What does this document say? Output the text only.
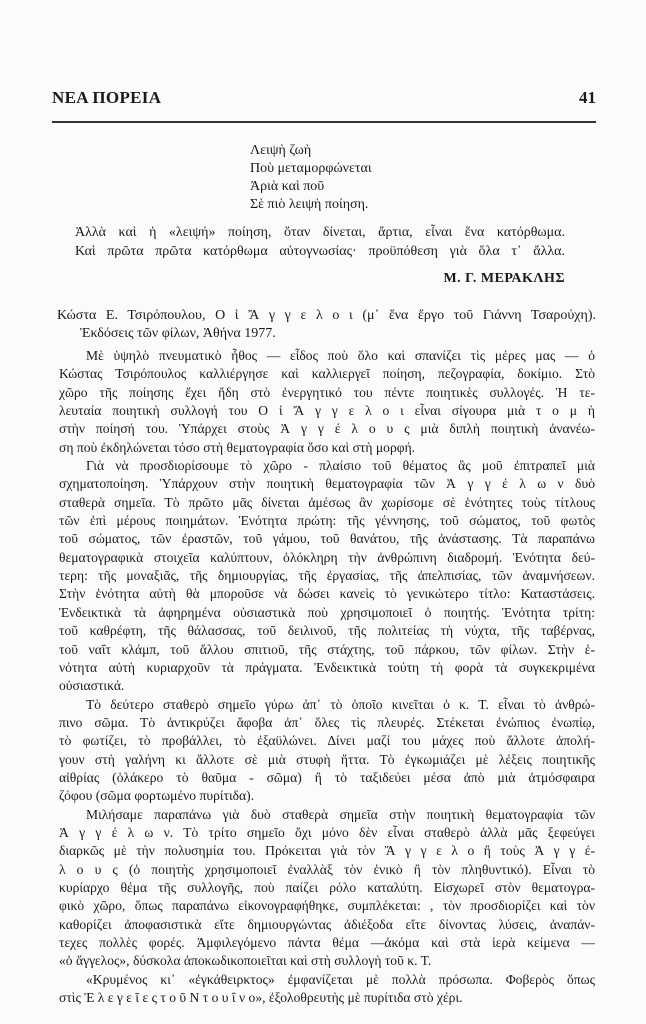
ΝΕΑ ΠΟΡΕΙΑ	41
Λειψὴ ζωὴ
Ποὺ μεταμορφώνεται
Ἀριὰ καὶ ποῦ
Σὲ πιὸ λειψὴ ποίηση.
Ἀλλὰ καὶ ἡ «λειψή» ποίηση, ὅταν δίνεται, ἄρτια, εἶναι ἕνα κατόρθωμα.
Καὶ πρῶτα πρῶτα κατόρθωμα αὐτογνωσίας· προϋπόθεση γιὰ ὅλα τ᾽ ἄλλα.
Μ. Γ. ΜΕΡΑΚΛΗΣ
Κώστα Ε. Τσιρόπουλου, Ο ἱ Ἄ γ γ ε λ ο ι (μ᾽ ἕνα ἔργο τοῦ Γιάννη Τσαρούχη).
Ἐκδόσεις τῶν φίλων, Ἀθήνα 1977.
Μὲ ὑψηλὸ πνευματικὸ ἦθος — εἶδος ποὺ ὅλο καὶ σπανίζει τὶς μέρες μας — ὁ
Κώστας Τσιρόπουλος καλλιέργησε καὶ καλλιεργεῖ ποίηση, πεζογραφία, δοκίμιο. Στὸ
χῶρο τῆς ποίησης ἔχει ἤδη στὸ ἐνεργητικό του πέντε ποιητικὲς συλλογές. Ἡ τε-
λευταία ποιητικὴ συλλογή του Ο ἱ Ἄ γ γ ε λ ο ι εἶναι σίγουρα μιὰ τ ο μ ὴ
στὴν ποίησή του. Ὑπάρχει στοὺς Ἀ γ γ έ λ ο υ ς μιὰ διπλὴ ποιητικὴ ἀνανέω-
ση ποὺ ἐκδηλώνεται τόσο στὴ θεματογραφία ὅσο καὶ στὴ μορφή.
Γιὰ νὰ προσδιορίσουμε τὸ χῶρο - πλαίσιο τοῦ θέματος ἂς μοῦ ἐπιτραπεῖ μιὰ
σχηματοποίηση. Ὑπάρχουν στὴν ποιητικὴ θεματογραφία τῶν Ἀ γ γ έ λ ω ν δυὸ
σταθερὰ σημεῖα. Τὸ πρῶτο μᾶς δίνεται ἀμέσως ἂν χωρίσομε σὲ ἑνότητες τοὺς τίτλους
τῶν ἐπὶ μέρους ποιημάτων. Ἑνότητα πρώτη: τῆς γέννησης, τοῦ σώματος, τοῦ φωτὸς
τοῦ σώματος, τῶν ἐραστῶν, τοῦ γάμου, τοῦ θανάτου, τῆς ἀνάστασης. Τὰ παραπάνω
θεματογραφικὰ στοιχεῖα καλύπτουν, ὁλόκληρη τὴν ἀνθρώπινη διαδρομή. Ἑνότητα δεύ-
τερη: τῆς μοναξιᾶς, τῆς δημιουργίας, τῆς ἐργασίας, τῆς ἀπελπισίας, τῶν ἀναμνήσεων.
Στὴν ἑνότητα αὐτὴ θὰ μποροῦσε νὰ δώσει κανεὶς τὸ γενικώτερο τίτλο: Καταστάσεις.
Ἐνδεικτικὰ τὰ ἀφηρημένα οὐσιαστικὰ ποὺ χρησιμοποιεῖ ὁ ποιητής. Ἑνότητα τρίτη:
τοῦ καθρέφτη, τῆς θάλασσας, τοῦ δειλινοῦ, τῆς πολιτείας τὴ νύχτα, τῆς ταβέρνας,
τοῦ ναΐτ κλάμπ, τοῦ ἄλλου σπιτιοῦ, τῆς στάχτης, τοῦ πάρκου, τῶν φίλων. Στὴν ἑ-
νότητα αὐτὴ κυριαρχοῦν τὰ πράγματα. Ἐνδεικτικὰ τούτη τὴ φορὰ τὰ συγκεκριμένα
οὐσιαστικά.
Τὸ δεύτερο σταθερὸ σημεῖο γύρω ἀπ᾽ τὸ ὁποῖο κινεῖται ὁ κ. Τ. εἶναι τὸ ἀνθρώ-
πινο σῶμα. Τὸ ἀντικρύζει ἄφοβα ἀπ᾽ ὅλες τὶς πλευρές. Στέκεται ἐνώπιος ἐνωπίῳ,
τὸ φωτίζει, τὸ προβάλλει, τὸ ἐξαϋλώνει. Δίνει μαζί του μάχες ποὺ ἄλλοτε ἀπολή-
γουν στὴ γαλήνη κι ἄλλοτε σὲ μιὰ στυφὴ ἥττα. Τὸ ἐγκωμιάζει μὲ λέξεις ποιητικῆς
αἰθρίας (ὁλάκερο τὸ θαῦμα - σῶμα) ἢ τὸ ταξιδεύει μέσα ἀπὸ μιὰ ἀτμόσφαιρα
ζόφου (σῶμα φορτωμένο πυρίτιδα).
Μιλήσαμε παραπάνω γιὰ δυὸ σταθερὰ σημεῖα στὴν ποιητικὴ θεματογραφία τῶν
Ἀ γ γ έ λ ω ν. Τὸ τρίτο σημεῖο ὄχι μόνο δὲν εἶναι σταθερὸ ἀλλὰ μᾶς ξεφεύγει
διαρκῶς μὲ τὴν πολυσημία του. Πρόκειται γιὰ τὸν Ἄ γ γ ε λ ο ἢ τοὺς Ἀ γ γ έ-
λ ο υ ς (ὁ ποιητὴς χρησιμοποιεῖ ἐναλλὰξ τὸν ἑνικὸ ἢ τὸν πληθυντικό). Εἶναι τὸ
κυρίαρχο θέμα τῆς συλλογῆς, ποὺ παίζει ρόλο καταλύτη. Εἰσχωρεῖ στὸν θεματογρα-
φικὸ χῶρο, ὅπως παραπάνω εἰκονογραφήθηκε, συμπλέκεται: , τὸν προσδιορίζει καὶ τὸν
καθορίζει ἀποφασιστικὰ εἴτε δημιουργώντας ἀδιέξοδα εἴτε δίνοντας λύσεις, ἀναπάν-
τεχες πολλὲς φορές. Ἀμφιλεγόμενο πάντα θέμα —ἀκόμα καὶ στὰ ἱερὰ κείμενα —
«ὁ ἄγγελος», δύσκολα ἀποκωδικοποιεῖται καὶ στὴ συλλογὴ τοῦ κ. Τ.
«Κρυμένος κι᾽ «ἐγκάθειρκτος» ἐμφανίζεται μὲ πολλὰ πρόσωπα. Φοβερὸς ὅπως
στὶς Ἐ λ ε γ ε ῖ ε ς τ ο ῦ Ν τ ο υ ΐ ν ο», ἐξολοθρευτὴς μὲ πυρίτιδα στὸ χέρι.
